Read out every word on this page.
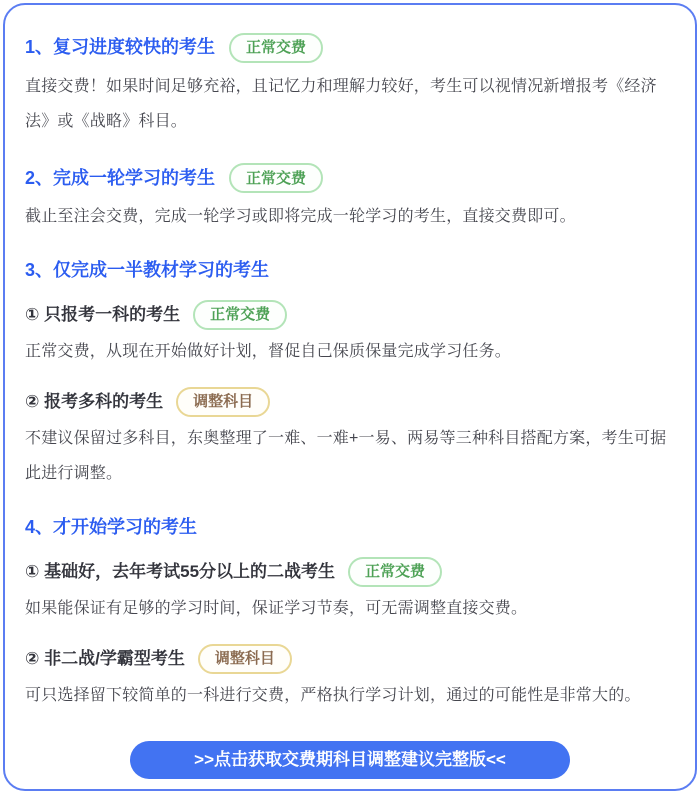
1、复习进度较快的考生	正常交费

直接交费！如果时间足够充裕，且记忆力和理解力较好，考生可以视情况新增报考《经济法》或《战略》科目。

2、完成一轮学习的考生	正常交费

截止至注会交费，完成一轮学习或即将完成一轮学习的考生，直接交费即可。

3、仅完成一半教材学习的考生
① 只报考一科的考生	正常交费

正常交费，从现在开始做好计划，督促自己保质保量完成学习任务。

② 报考多科的考生	调整科目

不建议保留过多科目，东奥整理了一难、一难+一易、两易等三种科目搭配方案，考生可据此进行调整。

4、才开始学习的考生
① 基础好，去年考试55分以上的二战考生	正常交费

如果能保证有足够的学习时间，保证学习节奏，可无需调整直接交费。

② 非二战/学霸型考生	调整科目

可只选择留下较简单的一科进行交费，严格执行学习计划，通过的可能性是非常大的。

>>点击获取交费期科目调整建议完整版<<
